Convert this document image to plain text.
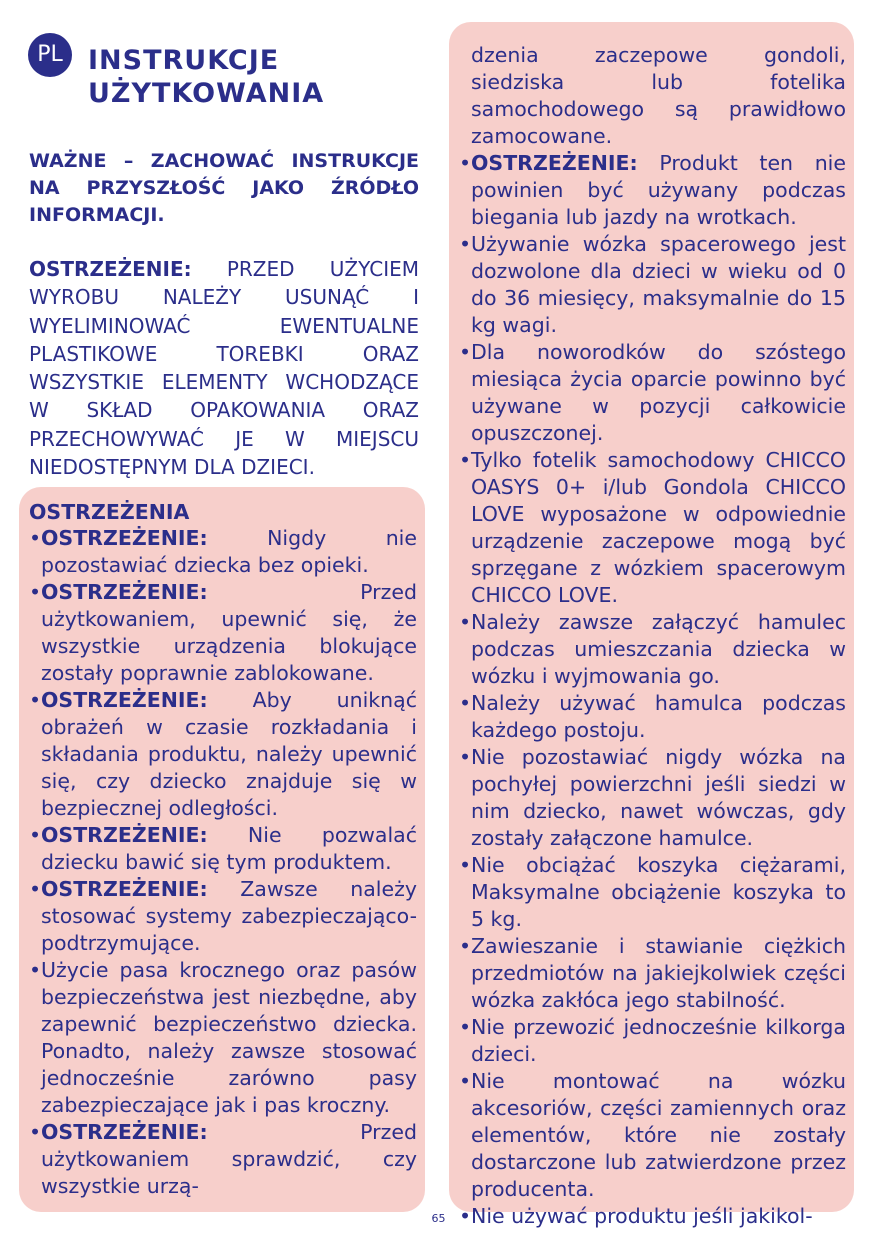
PL INSTRUKCJE UŻYTKOWANIA
WAŻNE – ZACHOWAĆ INSTRUKCJE NA PRZYSZŁOŚĆ JAKO ŹRÓDŁO INFORMACJI.
OSTRZEŻENIE: PRZED UŻYCIEM WYROBU NALEŻY USUNĄĆ I WYELIMINOWAĆ EWENTUALNE PLASTIKOWE TOREBKI ORAZ WSZYSTKIE ELEMENTY WCHODZĄCE W SKŁAD OPAKOWANIA ORAZ PRZECHOWYWAĆ JE W MIEJSCU NIEDOSTĘPNYM DLA DZIECI.
OSTRZEŻENIA
• OSTRZEŻENIE: Nigdy nie pozostawiać dziecka bez opieki.
• OSTRZEŻENIE: Przed użytkowaniem, upewnić się, że wszystkie urządzenia blokujące zostały poprawnie zablokowane.
• OSTRZEŻENIE: Aby uniknąć obrażeń w czasie rozkładania i składania produktu, należy upewnić się, czy dziecko znajduje się w bezpiecznej odległości.
• OSTRZEŻENIE: Nie pozwalać dziecku bawić się tym produktem.
• OSTRZEŻENIE: Zawsze należy stosować systemy zabezpieczająco-podtrzymujące.
• Użycie pasa krocznego oraz pasów bezpieczeństwa jest niezbędne, aby zapewnić bezpieczeństwo dziecka. Ponadto, należy zawsze stosować jednocześnie zarówno pasy zabezpieczające jak i pas kroczny.
• OSTRZEŻENIE: Przed użytkowaniem sprawdzić, czy wszystkie urzą-
dzenia zaczepowe gondoli, siedziska lub fotelika samochodowego są prawidłowo zamocowane.
• OSTRZEŻENIE: Produkt ten nie powinien być używany podczas biegania lub jazdy na wrotkach.
• Używanie wózka spacerowego jest dozwolone dla dzieci w wieku od 0 do 36 miesięcy, maksymalnie do 15 kg wagi.
• Dla noworodków do szóstego miesiąca życia oparcie powinno być używane w pozycji całkowicie opuszczonej.
• Tylko fotelik samochodowy CHICCO OASYS 0+ i/lub Gondola CHICCO LOVE wyposażone w odpowiednie urządzenie zaczepowe mogą być sprzęgane z wózkiem spacerowym CHICCO LOVE.
• Należy zawsze załączyć hamulec podczas umieszczania dziecka w wózku i wyjmowania go.
• Należy używać hamulca podczas każdego postoju.
• Nie pozostawiać nigdy wózka na pochyłej powierzchni jeśli siedzi w nim dziecko, nawet wówczas, gdy zostały załączone hamulce.
• Nie obciążać koszyka ciężarami, Maksymalne obciążenie koszyka to 5 kg.
• Zawieszanie i stawianie ciężkich przedmiotów na jakiejkolwiek części wózka zakłóca jego stabilność.
• Nie przewozić jednocześnie kilkorga dzieci.
• Nie montować na wózku akcesoriów, części zamiennych oraz elementów, które nie zostały dostarczone lub zatwierdzone przez producenta.
• Nie używać produktu jeśli jakikol-
65
